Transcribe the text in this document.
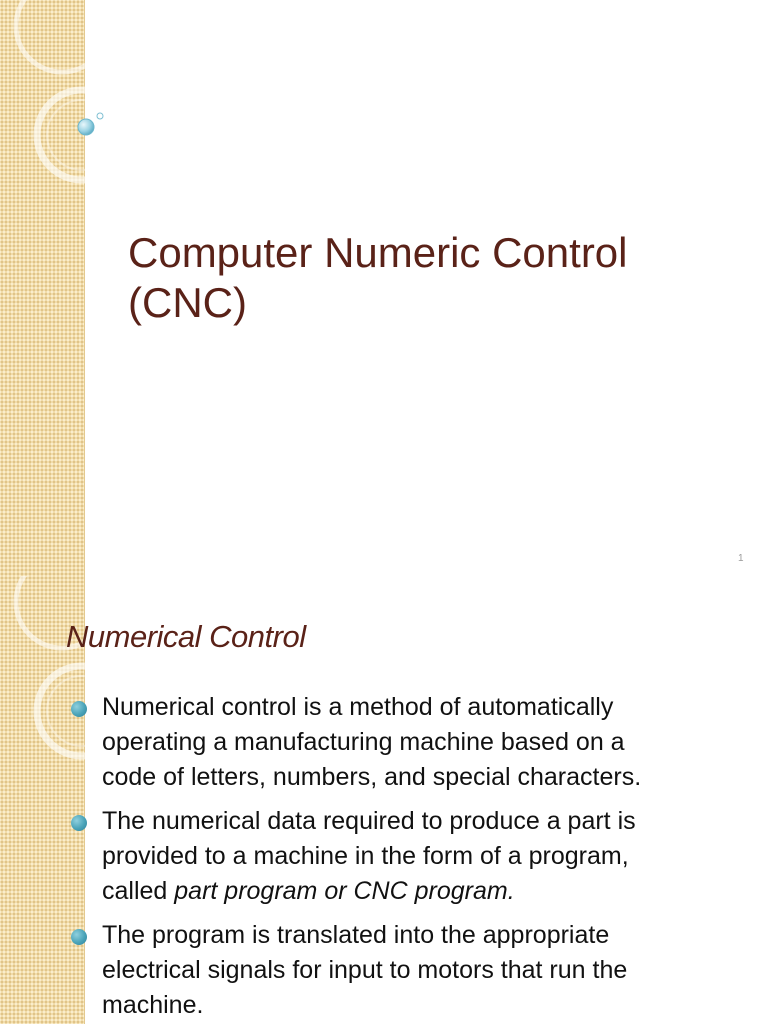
Computer Numeric Control
(CNC)
1
Numerical Control
Numerical control is a method of automatically
operating a manufacturing machine based on a
code of letters, numbers, and special characters.
The numerical data required to produce a part is
provided to a machine in the form of a program,
called part program or CNC program.
The program is translated into the appropriate
electrical signals for input to motors that run the
machine.
